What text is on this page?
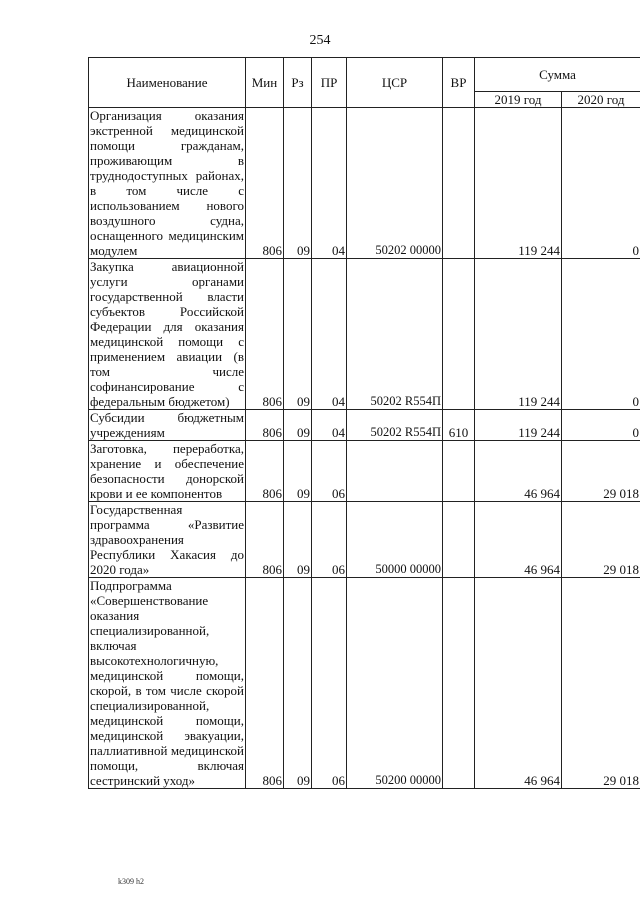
254
Наименование	Мин	Рз	ПР	ЦСР	ВР	Сумма	
						2019 год	2020 год
Организация оказания экстренной медицинской помощи гражданам, проживающим в труднодоступных районах, в том числе с использованием нового воздушного судна, оснащенного медицинским модулем	806	09	04	50202 00000		119 244	0
Закупка авиационной услуги органами государственной власти субъектов Российской Федерации для оказания медицинской помощи с применением авиации (в том числе софинансирование с федеральным бюджетом)	806	09	04	50202 R554П		119 244	0
Субсидии бюджетным учреждениям	806	09	04	50202 R554П	610	119 244	0
Заготовка, переработка, хранение и обеспечение безопасности донорской крови и ее компонентов	806	09	06			46 964	29 018
Государственная программа «Развитие здравоохранения Республики Хакасия до 2020 года»	806	09	06	50000 00000		46 964	29 018
Подпрограмма «Совершенствование оказания специализированной, включая высокотехнологичную, медицинской помощи, скорой, в том числе скорой специализированной, медицинской помощи, медицинской эвакуации, паллиативной медицинской помощи, включая сестринский уход»	806	09	06	50200 00000		46 964	29 018
k309 h2
